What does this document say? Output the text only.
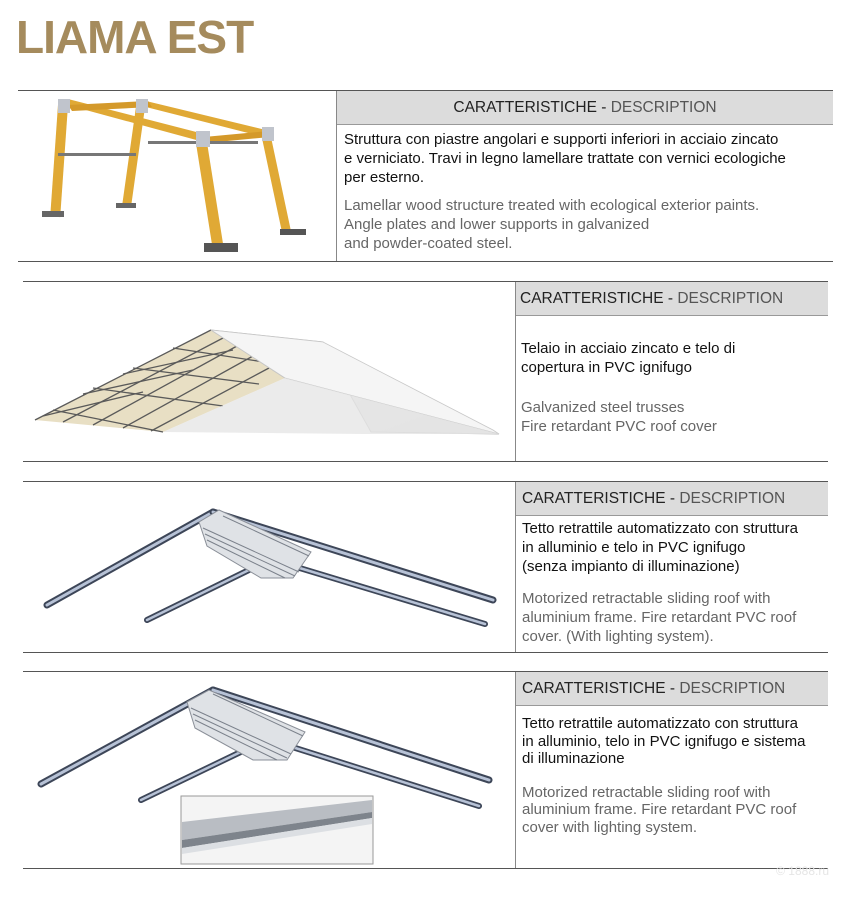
LIAMA EST
CARATTERISTICHE - DESCRIPTION
Struttura con piastre angolari e supporti inferiori in acciaio zincato
e verniciato. Travi in legno lamellare trattate con vernici ecologiche
per esterno.
Lamellar wood structure treated with ecological exterior paints.
Angle plates and lower supports in galvanized
and powder-coated steel.
CARATTERISTICHE - DESCRIPTION
Telaio in acciaio zincato e telo di
copertura in PVC ignifugo
Galvanized steel trusses
Fire retardant PVC roof cover
CARATTERISTICHE - DESCRIPTION
Tetto retrattile automatizzato con struttura
in alluminio e telo in PVC ignifugo
(senza impianto di illuminazione)
Motorized retractable sliding roof with
aluminium frame. Fire retardant PVC roof
cover. (With lighting system).
CARATTERISTICHE - DESCRIPTION
Tetto retrattile automatizzato con struttura
in alluminio, telo in PVC ignifugo e sistema
di illuminazione
Motorized retractable sliding roof with
aluminium frame. Fire retardant PVC roof
cover with lighting system.
© 1888.ru
